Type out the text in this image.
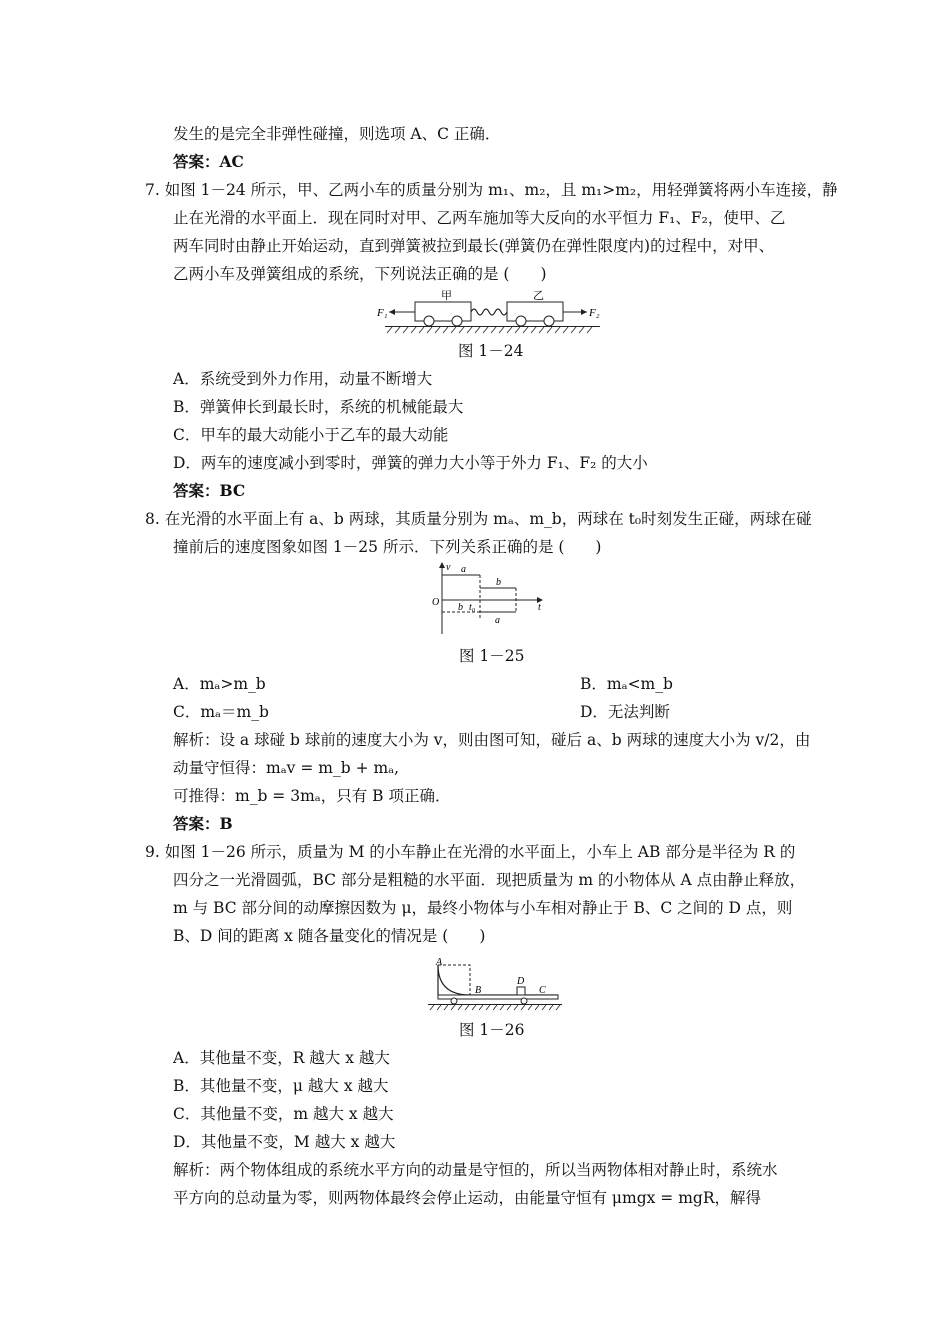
发生的是完全非弹性碰撞，则选项 A、C 正确．
答案：AC
7. 如图 1－24 所示，甲、乙两小车的质量分别为 m₁、m₂，且 m₁>m₂，用轻弹簧将两小车连接，静
止在光滑的水平面上．现在同时对甲、乙两车施加等大反向的水平恒力 F₁、F₂，使甲、乙
两车同时由静止开始运动，直到弹簧被拉到最长(弹簧仍在弹性限度内)的过程中，对甲、
乙两小车及弹簧组成的系统，下列说法正确的是 (　　)
甲	乙
F₁	F₂
图 1－24
A．系统受到外力作用，动量不断增大
B．弹簧伸长到最长时，系统的机械能最大
C．甲车的最大动能小于乙车的最大动能
D．两车的速度减小到零时，弹簧的弹力大小等于外力 F₁、F₂ 的大小
答案：BC
8. 在光滑的水平面上有 a、b 两球，其质量分别为 mₐ、m_b，两球在 t₀时刻发生正碰，两球在碰
撞前后的速度图象如图 1－25 所示．下列关系正确的是 (　　)
v
O	t
a
b
b t₀
a
图 1－25
A．mₐ>m_b	B．mₐ<m_b
C．mₐ＝m_b	D．无法判断
解析：设 a 球碰 b 球前的速度大小为 v，则由图可知，碰后 a、b 两球的速度大小为 v/2，由
动量守恒得：mₐv = m_b + mₐ,
可推得：m_b = 3mₐ，只有 B 项正确．
答案：B
9. 如图 1－26 所示，质量为 M 的小车静止在光滑的水平面上，小车上 AB 部分是半径为 R 的
四分之一光滑圆弧，BC 部分是粗糙的水平面．现把质量为 m 的小物体从 A 点由静止释放，
m 与 BC 部分间的动摩擦因数为 μ，最终小物体与小车相对静止于 B、C 之间的 D 点，则
B、D 间的距离 x 随各量变化的情况是 (　　)
A
B
D
C
图 1－26
A．其他量不变，R 越大 x 越大
B．其他量不变，μ 越大 x 越大
C．其他量不变，m 越大 x 越大
D．其他量不变，M 越大 x 越大
解析：两个物体组成的系统水平方向的动量是守恒的，所以当两物体相对静止时，系统水
平方向的总动量为零，则两物体最终会停止运动，由能量守恒有 μmgx = mgR，解得
